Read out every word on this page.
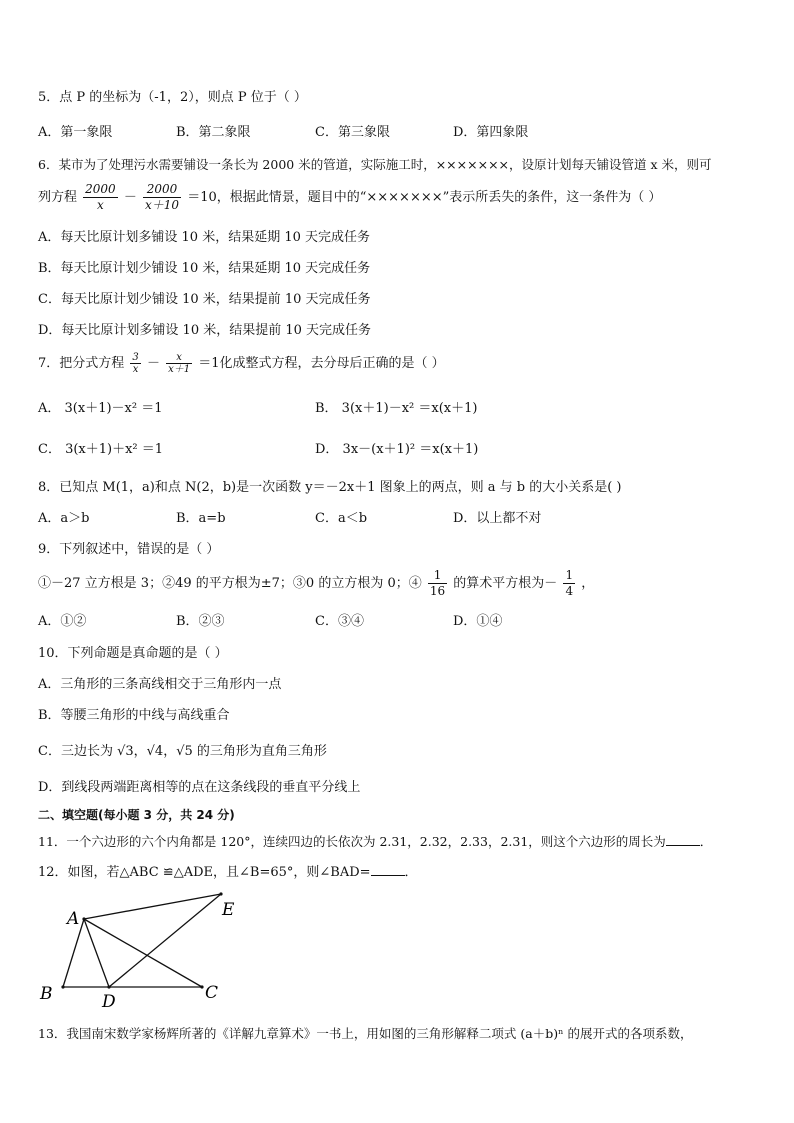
5．点 P 的坐标为（-1，2），则点 P 位于（ ）
A．第一象限	B．第二象限	C．第三象限	D．第四象限
6．某市为了处理污水需要铺设一条长为 2000 米的管道，实际施工时，×××××××，设原计划每天铺设管道 x 米，则可
列方程 $\frac{2000}{x} - \frac{2000}{x+10} =10$，根据此情景，题目中的“×××××××”表示所丢失的条件，这一条件为（ ）
A．每天比原计划多铺设 10 米，结果延期 10 天完成任务
B．每天比原计划少铺设 10 米，结果延期 10 天完成任务
C．每天比原计划少铺设 10 米，结果提前 10 天完成任务
D．每天比原计划多铺设 10 米，结果提前 10 天完成任务
7．把分式方程 $\frac{3}{x} - \frac{x}{x+1} =1$化成整式方程，去分母后正确的是（ ）
A． 3(x＋1)－x² ＝1	B． 3(x＋1)－x² ＝x(x＋1)
C． 3(x＋1)＋x² ＝1	D． 3x－(x＋1)² ＝x(x＋1)
8．已知点 M(1，a)和点 N(2，b)是一次函数 y＝－2x＋1 图象上的两点，则 a 与 b 的大小关系是( )
A．a＞b	B．a=b	C．a＜b	D．以上都不对
9．下列叙述中，错误的是（ ）
①－27 立方根是 3；②49 的平方根为±7；③0 的立方根为 0；④ $\frac{1}{16}$ 的算术平方根为－ $\frac{1}{4}$ ，
A．①②	B．②③	C．③④	D．①④
10．下列命题是真命题的是（ ）
A．三角形的三条高线相交于三角形内一点
B．等腰三角形的中线与高线重合
C．三边长为 √3，√4，√5 的三角形为直角三角形
D．到线段两端距离相等的点在这条线段的垂直平分线上
二、填空题(每小题 3 分，共 24 分)
11．一个六边形的六个内角都是 120°，连续四边的长依次为 2.31，2.32，2.33，2.31，则这个六边形的周长为	．
12．如图，若△ABC ≌△ADE，且∠B=65°，则∠BAD=	．
A
B	C
D
E
13．我国南宋数学家杨辉所著的《详解九章算术》一书上，用如图的三角形解释二项式 (a＋b)ⁿ 的展开式的各项系数，
